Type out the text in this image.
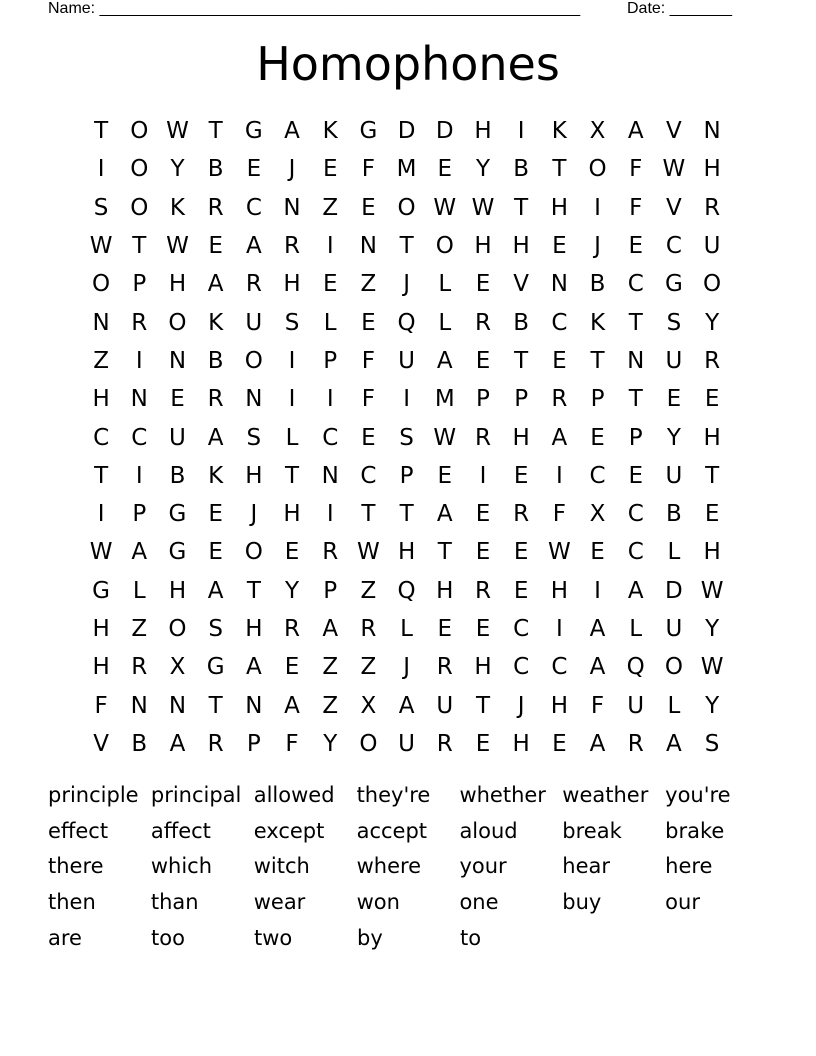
Name: ______________________________________________________	Date: _______
Homophones
T O W T G A K G D D H	I	K X A V N
I	O Y	B	E	J	E	F M E	Y	B	T O F W H
S O K R C N Z	E O W W T H	I	F	V R
W T W E	A R	I	N T O H H E	J	E C U
O P H A R H E	Z	J	L	E	V N B C G O
N R O K U S	L	E Q L	R B C K	T	S	Y
Z	I	N B O	I	P	F	U A	E	T	E	T N U R
H N E R N	I	I	F	I	M P	P	R	P	T	E	E
C C U A	S	L	C E	S W R H A	E	P	Y H
T	I	B K H T N C	P	E	I	E	I	C E U T
I	P G E	J	H	I	T	T	A	E R	F	X C B	E
W A G E O E R W H T	E	E W E C	L	H
G L	H A	T	Y	P	Z Q H R E H	I	A D W
H Z O S H R A R	L	E	E C	I	A	L	U Y
H R X G A	E	Z Z	J	R H C C A Q O W
F N N T N A Z X A U T	J	H F	U	L	Y
V B A R	P	F	Y O U R E H E	A R A	S
principle principal allowed	they're	whether weather you're
effect	affect	except	accept	aloud	break	brake
there	which	witch	where	your	hear	here
then	than	wear	won	one	buy	our
are	too	two	by	to
